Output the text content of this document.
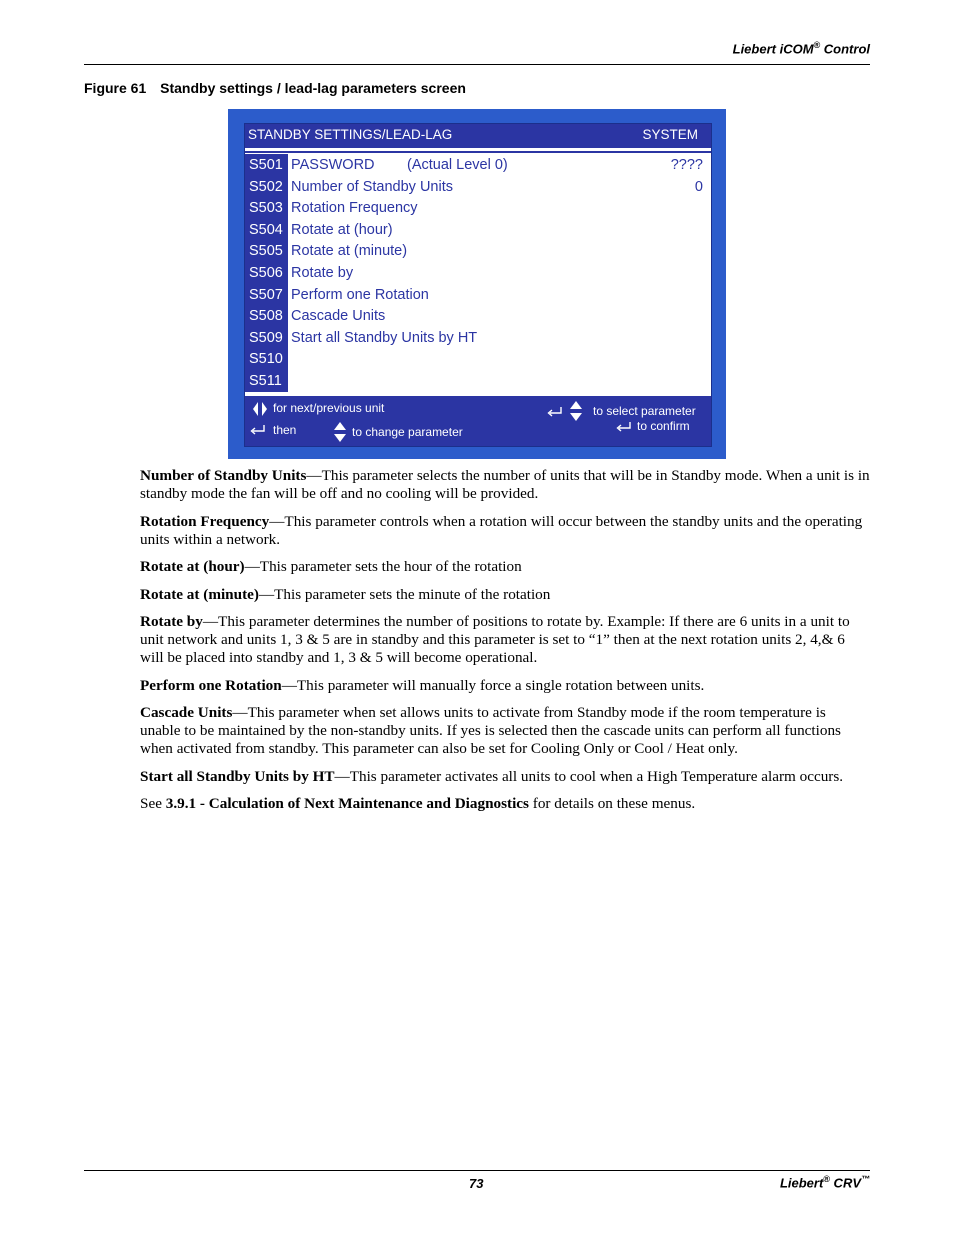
Liebert iCOM® Control
Figure 61 Standby settings / lead-lag parameters screen
STANDBY SETTINGS/LEAD-LAG	SYSTEM
S501 PASSWORD (Actual Level 0)	????
S502 Number of Standby Units	0
S503 Rotation Frequency
S504 Rotate at (hour)
S505 Rotate at (minute)
S506 Rotate by
S507 Perform one Rotation
S508 Cascade Units
S509 Start all Standby Units by HT
S510
S511
for next/previous unit
then	to change parameter
to select parameter
to confirm

Number of Standby Units—This parameter selects the number of units that will be in Standby mode. When a unit is in standby mode the fan will be off and no cooling will be provided.

Rotation Frequency—This parameter controls when a rotation will occur between the standby units and the operating units within a network.

Rotate at (hour)—This parameter sets the hour of the rotation

Rotate at (minute)—This parameter sets the minute of the rotation

Rotate by—This parameter determines the number of positions to rotate by. Example: If there are 6 units in a unit to unit network and units 1, 3 & 5 are in standby and this parameter is set to “1” then at the next rotation units 2, 4,& 6 will be placed into standby and 1, 3 & 5 will become operational.

Perform one Rotation—This parameter will manually force a single rotation between units.

Cascade Units—This parameter when set allows units to activate from Standby mode if the room temperature is unable to be maintained by the non-standby units. If yes is selected then the cascade units can perform all functions when activated from standby. This parameter can also be set for Cooling Only or Cool / Heat only.

Start all Standby Units by HT—This parameter activates all units to cool when a High Temperature alarm occurs.

See 3.9.1 - Calculation of Next Maintenance and Diagnostics for details on these menus.

73	Liebert® CRV™
